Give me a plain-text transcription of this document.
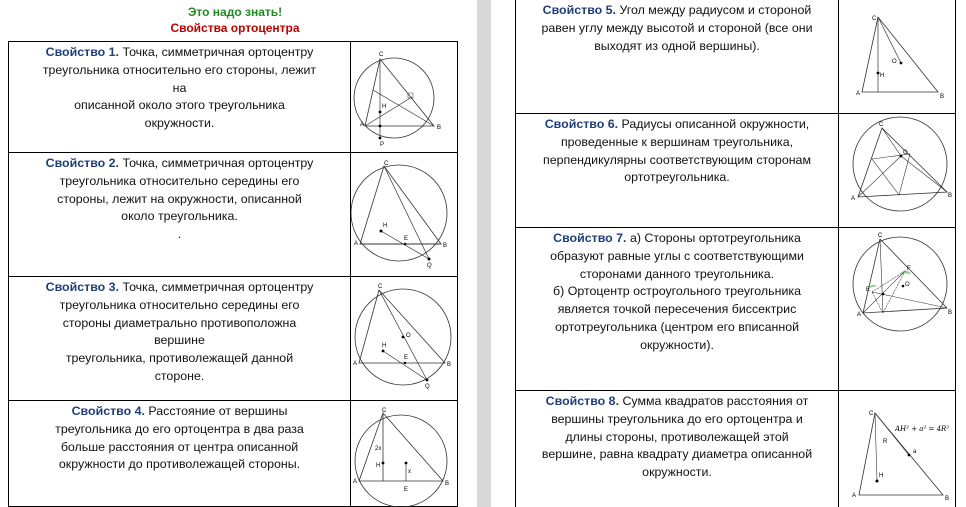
Это надо знать!
Свойства ортоцентра
Свойство 1. Точка, симметричная ортоцентру
треугольника относительно его стороны, лежит
на
описанной около этого треугольника
окружности.
C
A	B
H
P
Свойство 2. Точка, симметричная ортоцентру
треугольника относительно середины его
стороны, лежит на окружности, описанной
около треугольника.
.
C
A	B
H
E
Q
Свойство 3. Точка, симметричная ортоцентру
треугольника относительно середины его
стороны диаметрально противоположна
вершине
треугольника, противолежащей данной
стороне.
C
A	B
O
H
E
Q
Свойство 4. Расстояние от вершины
треугольника до его ортоцентра в два раза
больше расстояния от центра описанной
окружности до противолежащей стороны.
C
A	B
2x
x
H
E
Свойство 5. Угол между радиусом и стороной
равен углу между высотой и стороной (все они
выходят из одной вершины).
C
A	B
O
H
Свойство 6. Радиусы описанной окружности,
проведенные к вершинам треугольника,
перпендикулярны соответствующим сторонам
ортотреугольника.
C
A	B
O
Свойство 7. а) Стороны ортотреугольника
образуют равные углы с соответствующими
сторонами данного треугольника.
б) Ортоцентр остроугольного треугольника
является точкой пересечения биссектрис
ортотреугольника (центром его вписанной
окружности).
C
A	B
E
F
O
Свойство 8. Сумма квадратов расстояния от
вершины треугольника до его ортоцентра и
длины стороны, противолежащей этой
вершине, равна квадрату диаметра описанной
окружности.
C
A	B
R
a
H
AH² + a² = 4R²
